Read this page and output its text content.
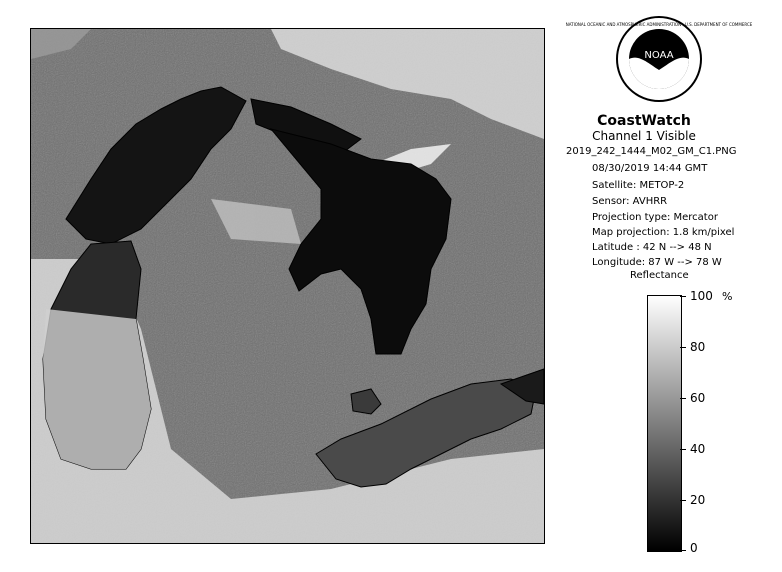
NOAA
NATIONAL OCEANIC AND ATMOSPHERIC ADMINISTRATION · U.S. DEPARTMENT OF COMMERCE
CoastWatch
Channel 1 Visible
2019_242_1444_M02_GM_C1.PNG
08/30/2019 14:44 GMT
Satellite: METOP-2
Sensor: AVHRR
Projection type: Mercator
Map projection: 1.8 km/pixel
Latitude : 42 N --> 48 N
Longitude: 87 W --> 78 W
Reflectance
%
100
80
60
40
20
0
